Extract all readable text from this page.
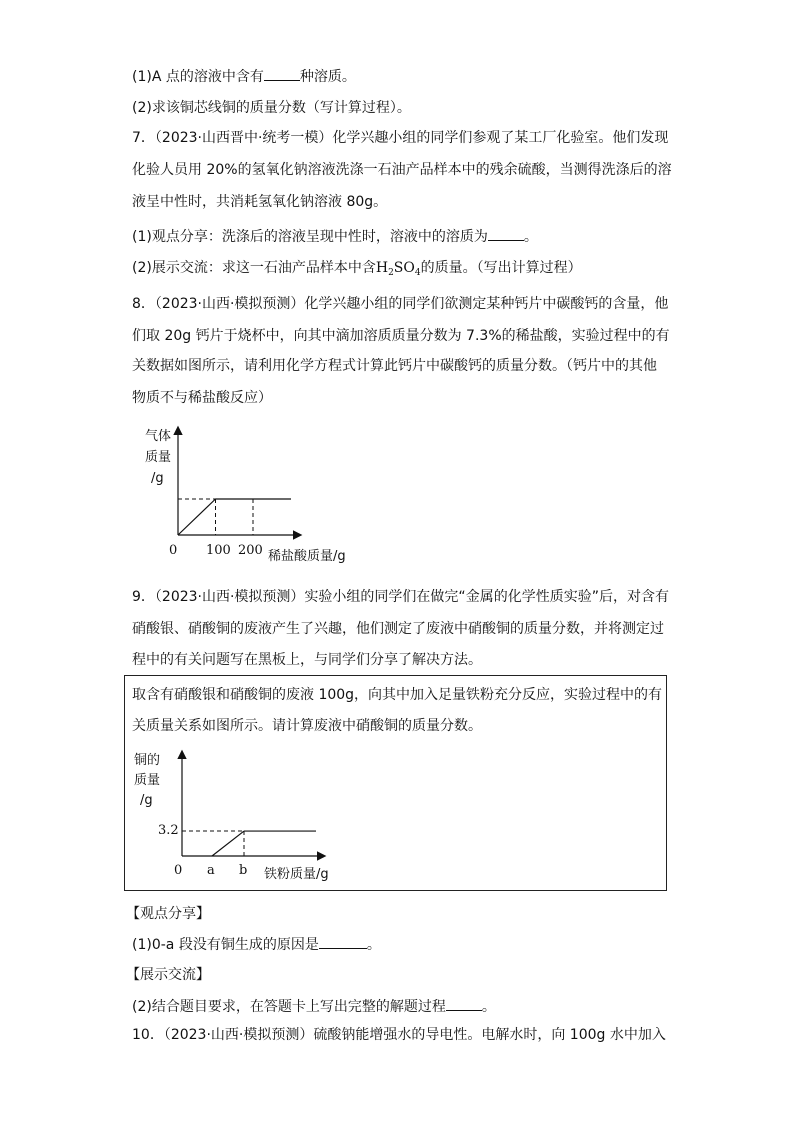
(1)A 点的溶液中含有	种溶质。
(2)求该铜芯线铜的质量分数（写计算过程）。
7．（2023·山西晋中·统考一模）化学兴趣小组的同学们参观了某工厂化验室。他们发现
化验人员用 20%的氢氧化钠溶液洗涤一石油产品样本中的残余硫酸，当测得洗涤后的溶
液呈中性时，共消耗氢氧化钠溶液 80g。
(1)观点分享：洗涤后的溶液呈现中性时，溶液中的溶质为	。
(2)展示交流：求这一石油产品样本中含$H_2SO_4$的质量。（写出计算过程）
8．（2023·山西·模拟预测）化学兴趣小组的同学们欲测定某种钙片中碳酸钙的含量，他
们取 20g 钙片于烧杯中，向其中滴加溶质质量分数为 7.3%的稀盐酸，实验过程中的有
关数据如图所示，请利用化学方程式计算此钙片中碳酸钙的质量分数。（钙片中的其他
物质不与稀盐酸反应）
气体
质量
/g
0 100 200 稀盐酸质量/g
9．（2023·山西·模拟预测）实验小组的同学们在做完“金属的化学性质实验”后，对含有
硝酸银、硝酸铜的废液产生了兴趣，他们测定了废液中硝酸铜的质量分数，并将测定过
程中的有关问题写在黑板上，与同学们分享了解决方法。
取含有硝酸银和硝酸铜的废液 100g，向其中加入足量铁粉充分反应，实验过程中的有
关质量关系如图所示。请计算废液中硝酸铜的质量分数。
铜的
质量
/g
3.2
0 a b 铁粉质量/g
【观点分享】
(1)0-a 段没有铜生成的原因是	。
【展示交流】
(2)结合题目要求，在答题卡上写出完整的解题过程	。
10．（2023·山西·模拟预测）硫酸钠能增强水的导电性。电解水时，向 100g 水中加入
